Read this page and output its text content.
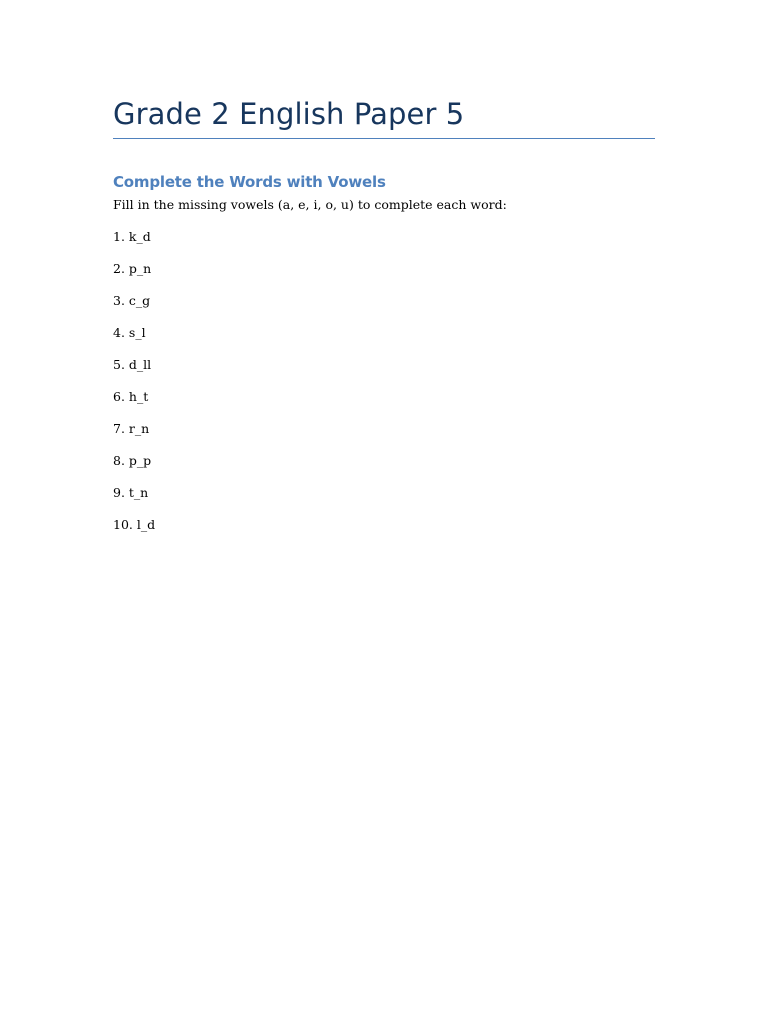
Grade 2 English Paper 5
Complete the Words with Vowels

Fill in the missing vowels (a, e, i, o, u) to complete each word:

1. k_d
2. p_n
3. c_g
4. s_l
5. d_ll
6. h_t
7. r_n
8. p_p
9. t_n
10. l_d
